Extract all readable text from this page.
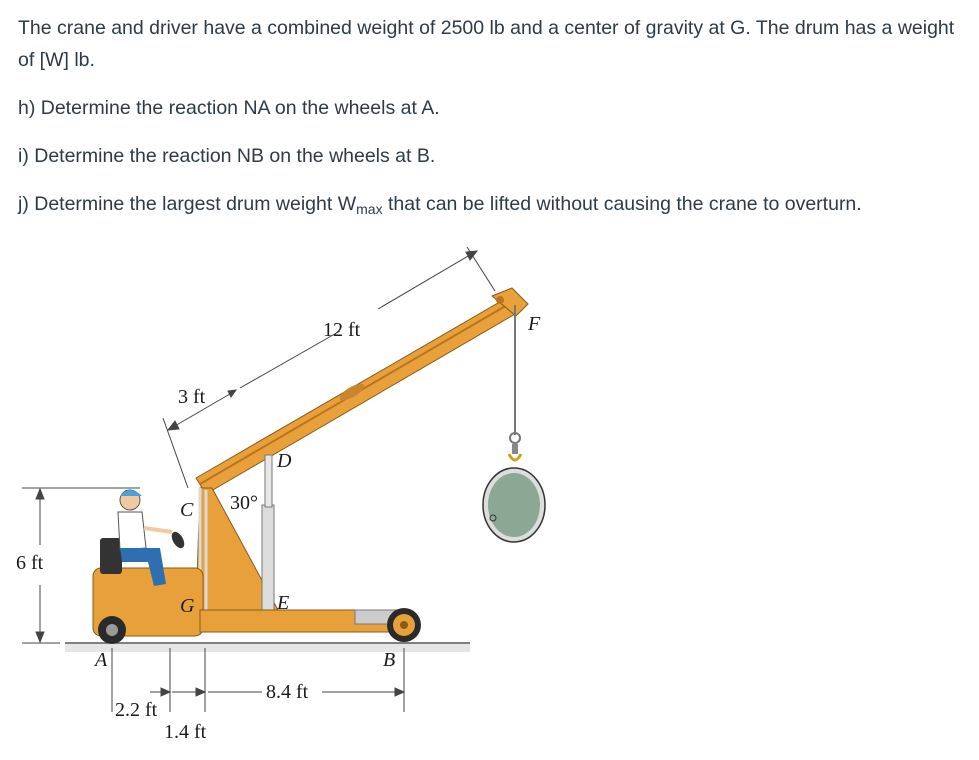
The crane and driver have a combined weight of 2500 lb and a center of gravity at G. The drum has a weight of [W] lb.

h) Determine the reaction NA on the wheels at A.

i) Determine the reaction NB on the wheels at B.

j) Determine the largest drum weight $W_{max}$ that can be lifted without causing the crane to overturn.

6 ft
F
C 30°
D
E
G
A	B
12 ft
3 ft
2.2 ft
1.4 ft
8.4 ft
